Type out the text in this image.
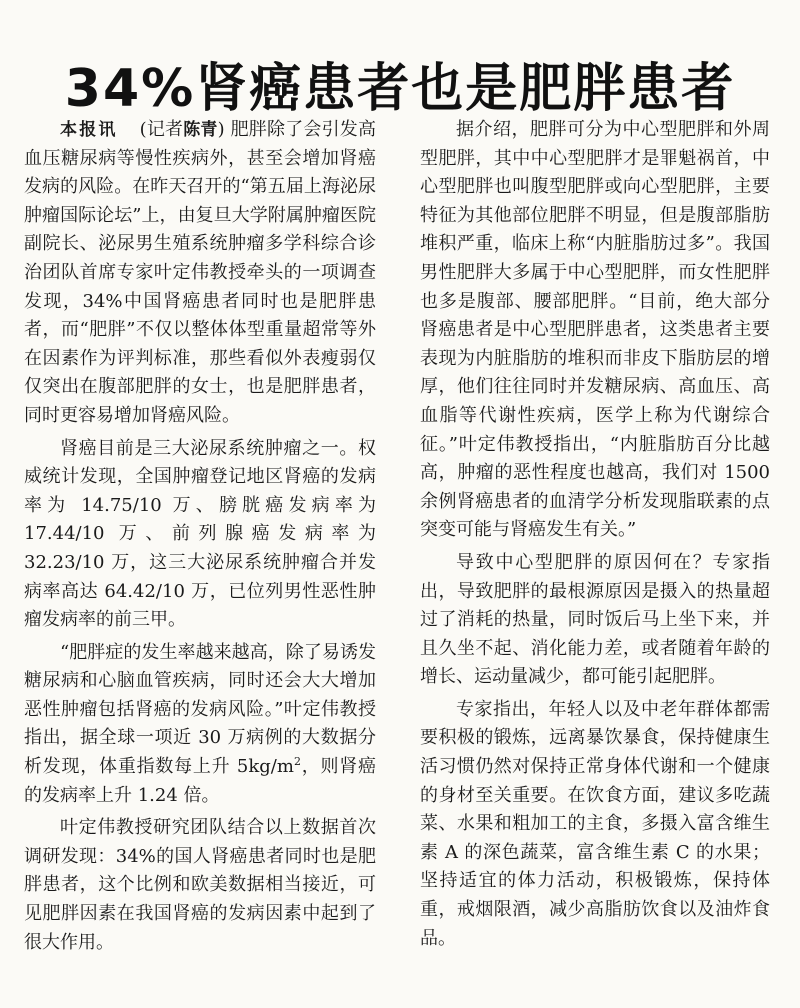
34%肾癌患者也是肥胖患者

本报讯 (记者陈青) 肥胖除了会引发高血压糖尿病等慢性疾病外，甚至会增加肾癌发病的风险。在昨天召开的“第五届上海泌尿肿瘤国际论坛”上，由复旦大学附属肿瘤医院副院长、泌尿男生殖系统肿瘤多学科综合诊治团队首席专家叶定伟教授牵头的一项调查发现，34%中国肾癌患者同时也是肥胖患者，而“肥胖”不仅以整体体型重量超常等外在因素作为评判标准，那些看似外表瘦弱仅仅突出在腹部肥胖的女士，也是肥胖患者，同时更容易增加肾癌风险。

肾癌目前是三大泌尿系统肿瘤之一。权威统计发现，全国肿瘤登记地区肾癌的发病率为 14.75/10 万、膀胱癌发病率为 17.44/10 万、前列腺癌发病率为 32.23/10 万，这三大泌尿系统肿瘤合并发病率高达 64.42/10 万，已位列男性恶性肿瘤发病率的前三甲。

“肥胖症的发生率越来越高，除了易诱发糖尿病和心脑血管疾病，同时还会大大增加恶性肿瘤包括肾癌的发病风险。”叶定伟教授指出，据全球一项近 30 万病例的大数据分析发现，体重指数每上升 $5kg/m^2$，则肾癌的发病率上升 1.24 倍。

叶定伟教授研究团队结合以上数据首次调研发现：34%的国人肾癌患者同时也是肥胖患者，这个比例和欧美数据相当接近，可见肥胖因素在我国肾癌的发病因素中起到了很大作用。

据介绍，肥胖可分为中心型肥胖和外周型肥胖，其中中心型肥胖才是罪魁祸首，中心型肥胖也叫腹型肥胖或向心型肥胖，主要特征为其他部位肥胖不明显，但是腹部脂肪堆积严重，临床上称“内脏脂肪过多”。我国男性肥胖大多属于中心型肥胖，而女性肥胖也多是腹部、腰部肥胖。“目前，绝大部分肾癌患者是中心型肥胖患者，这类患者主要表现为内脏脂肪的堆积而非皮下脂肪层的增厚，他们往往同时并发糖尿病、高血压、高血脂等代谢性疾病，医学上称为代谢综合征。”叶定伟教授指出，“内脏脂肪百分比越高，肿瘤的恶性程度也越高，我们对 1500 余例肾癌患者的血清学分析发现脂联素的点突变可能与肾癌发生有关。”

导致中心型肥胖的原因何在？专家指出，导致肥胖的最根源原因是摄入的热量超过了消耗的热量，同时饭后马上坐下来，并且久坐不起、消化能力差，或者随着年龄的增长、运动量减少，都可能引起肥胖。

专家指出，年轻人以及中老年群体都需要积极的锻炼，远离暴饮暴食，保持健康生活习惯仍然对保持正常身体代谢和一个健康的身材至关重要。在饮食方面，建议多吃蔬菜、水果和粗加工的主食，多摄入富含维生素 A 的深色蔬菜，富含维生素 C 的水果；坚持适宜的体力活动，积极锻炼，保持体重，戒烟限酒，减少高脂肪饮食以及油炸食品。
